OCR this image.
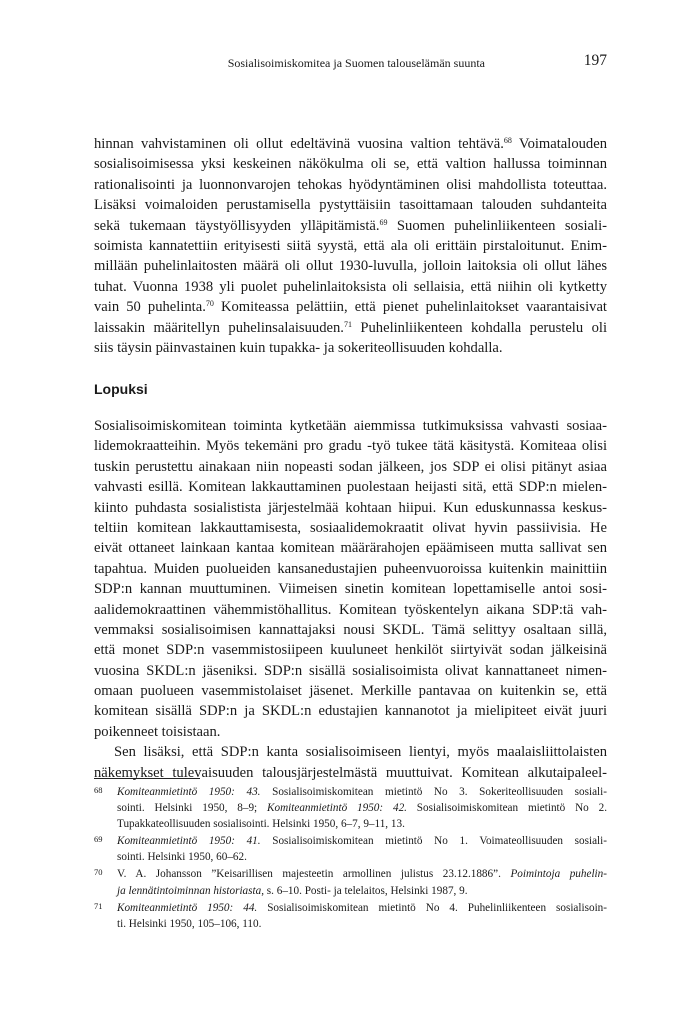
Sosialisoimiskomitea ja Suomen talouselämän suunta	197
hinnan vahvistaminen oli ollut edeltävinä vuosina valtion tehtävä.$^{68}$ Voimatalouden
sosialisoimisessa yksi keskeinen näkökulma oli se, että valtion hallussa toiminnan
rationalisointi ja luonnonvarojen tehokas hyödyntäminen olisi mahdollista toteuttaa.
Lisäksi voimaloiden perustamisella pystyttäisiin tasoittamaan talouden suhdanteita
sekä tukemaan täystyöllisyyden ylläpitämistä.$^{69}$ Suomen puhelinliikenteen sosiali-
soimista kannatettiin erityisesti siitä syystä, että ala oli erittäin pirstaloitunut. Enim-
millään puhelinlaitosten määrä oli ollut 1930-luvulla, jolloin laitoksia oli ollut lähes
tuhat. Vuonna 1938 yli puolet puhelinlaitoksista oli sellaisia, että niihin oli kytketty
vain 50 puhelinta.$^{70}$ Komiteassa pelättiin, että pienet puhelinlaitokset vaarantaisivat
laissakin määritellyn puhelinsalaisuuden.$^{71}$ Puhelinliikenteen kohdalla perustelu oli
siis täysin päinvastainen kuin tupakka- ja sokeriteollisuuden kohdalla.
Lopuksi
Sosialisoimiskomitean toiminta kytketään aiemmissa tutkimuksissa vahvasti sosiaa-
lidemokraatteihin. Myös tekemäni pro gradu -työ tukee tätä käsitystä. Komiteaa olisi
tuskin perustettu ainakaan niin nopeasti sodan jälkeen, jos SDP ei olisi pitänyt asiaa
vahvasti esillä. Komitean lakkauttaminen puolestaan heijasti sitä, että SDP:n mielen-
kiinto puhdasta sosialistista järjestelmää kohtaan hiipui. Kun eduskunnassa keskus-
teltiin komitean lakkauttamisesta, sosiaalidemokraatit olivat hyvin passiivisia. He
eivät ottaneet lainkaan kantaa komitean määrärahojen epäämiseen mutta sallivat sen
tapahtua. Muiden puolueiden kansanedustajien puheenvuoroissa kuitenkin mainittiin
SDP:n kannan muuttuminen. Viimeisen sinetin komitean lopettamiselle antoi sosi-
aalidemokraattinen vähemmistöhallitus. Komitean työskentelyn aikana SDP:tä vah-
vemmaksi sosialisoimisen kannattajaksi nousi SKDL. Tämä selittyy osaltaan sillä,
että monet SDP:n vasemmistosiipeen kuuluneet henkilöt siirtyivät sodan jälkeisinä
vuosina SKDL:n jäseniksi. SDP:n sisällä sosialisoimista olivat kannattaneet nimen-
omaan puolueen vasemmistolaiset jäsenet. Merkille pantavaa on kuitenkin se, että
komitean sisällä SDP:n ja SKDL:n edustajien kannanotot ja mielipiteet eivät juuri
poikenneet toisistaan.
Sen lisäksi, että SDP:n kanta sosialisoimiseen lientyi, myös maalaisliittolaisten
näkemykset tulevaisuuden talousjärjestelmästä muuttuivat. Komitean alkutaipaleel-
68 Komiteanmietintö 1950: 43. Sosialisoimiskomitean mietintö No 3. Sokeriteollisuuden sosiali-
sointi. Helsinki 1950, 8–9; Komiteanmietintö 1950: 42. Sosialisoimiskomitean mietintö No 2.
Tupakkateollisuuden sosialisointi. Helsinki 1950, 6–7, 9–11, 13.
69 Komiteanmietintö 1950: 41. Sosialisoimiskomitean mietintö No 1. Voimateollisuuden sosiali-
sointi. Helsinki 1950, 60–62.
70 V. A. Johansson ”Keisarillisen majesteetin armollinen julistus 23.12.1886”. Poimintoja puhelin-
ja lennätintoiminnan historiasta, s. 6–10. Posti- ja telelaitos, Helsinki 1987, 9.
71 Komiteanmietintö 1950: 44. Sosialisoimiskomitean mietintö No 4. Puhelinliikenteen sosialisoin-
ti. Helsinki 1950, 105–106, 110.
